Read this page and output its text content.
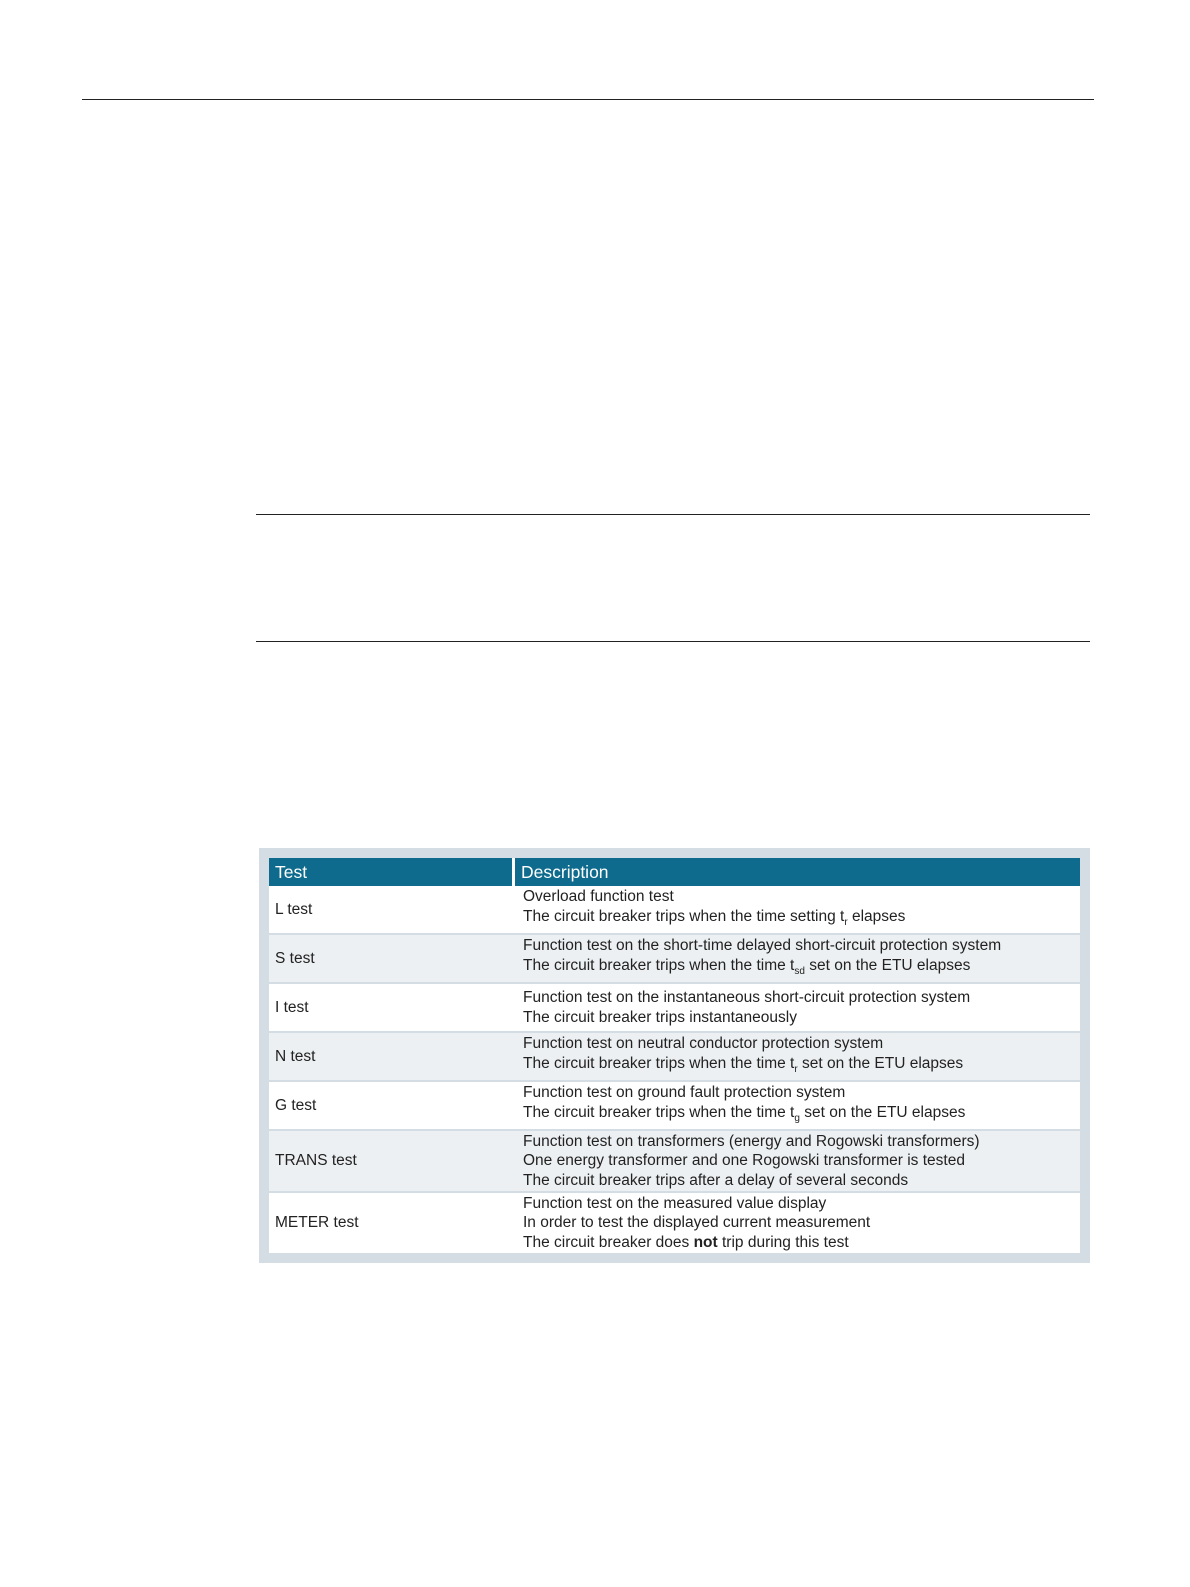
Test	Description
L test
Overload function test
The circuit breaker trips when the time setting $t_r$ elapses
S test
Function test on the short-time delayed short-circuit protection system
The circuit breaker trips when the time $t_{sd}$ set on the ETU elapses
I test
Function test on the instantaneous short-circuit protection system
The circuit breaker trips instantaneously
N test
Function test on neutral conductor protection system
The circuit breaker trips when the time $t_r$ set on the ETU elapses
G test
Function test on ground fault protection system
The circuit breaker trips when the time $t_g$ set on the ETU elapses
TRANS test
Function test on transformers (energy and Rogowski transformers)
One energy transformer and one Rogowski transformer is tested
The circuit breaker trips after a delay of several seconds
METER test
Function test on the measured value display
In order to test the displayed current measurement
The circuit breaker does not trip during this test
